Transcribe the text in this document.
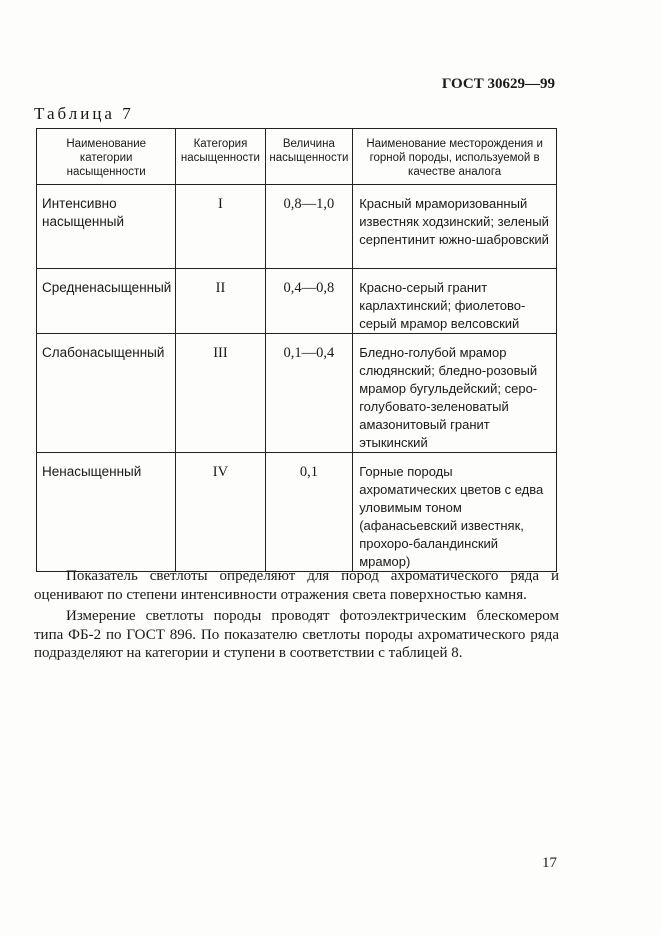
ГОСТ 30629—99
Таблица 7
Наименование категории насыщенности	Категория насыщенности	Величина насыщенности	Наименование месторождения и горной породы, используемой в качестве аналога
Интенсивно насыщенный	I	0,8—1,0	Красный мраморизованный известняк ходзинский; зеленый серпентинит южно-шабровский
Средненасыщенный	II	0,4—0,8	Красно-серый гранит карлахтинский; фиолетово-серый мрамор велсовский
Слабонасыщенный	III	0,1—0,4	Бледно-голубой мрамор слюдянский; бледно-розовый мрамор бугульдейский; серо-голубовато-зеленоватый амазонитовый гранит этыкинский
Ненасыщенный	IV	0,1	Горные породы ахроматических цветов с едва уловимым тоном (афанасьевский известняк, прохоро-баландинский мрамор)

Показатель светлоты определяют для пород ахроматического ряда и оценивают по степени интенсивности отражения света поверхностью камня.

Измерение светлоты породы проводят фотоэлектрическим блескомером типа ФБ-2 по ГОСТ 896. По показателю светлоты породы ахроматического ряда подразделяют на категории и ступени в соответствии с таблицей 8.

17
